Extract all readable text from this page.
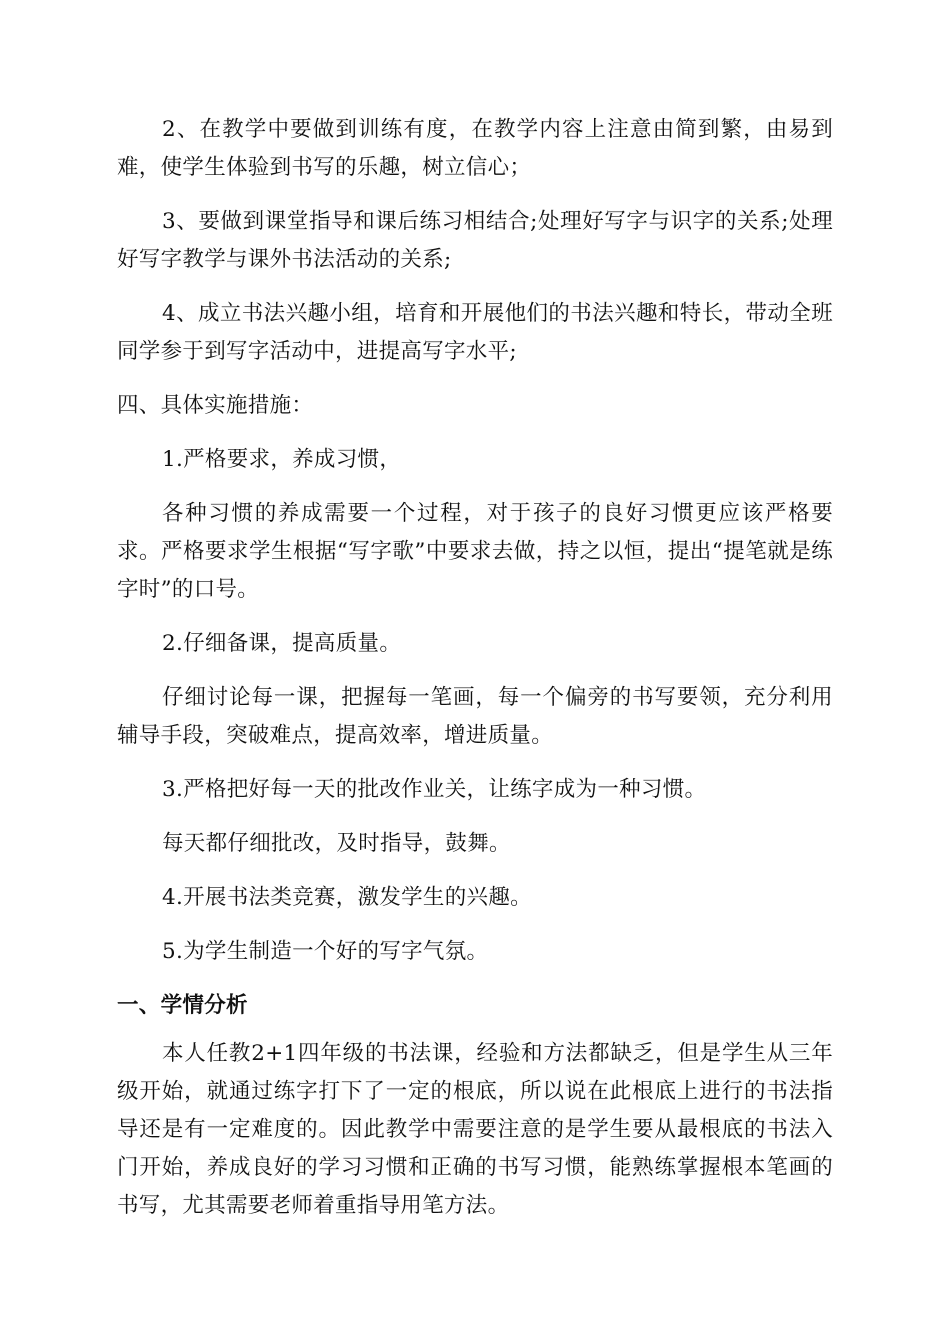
2、在教学中要做到训练有度，在教学内容上注意由简到繁，由易到难，使学生体验到书写的乐趣，树立信心；

3、要做到课堂指导和课后练习相结合;处理好写字与识字的关系;处理好写字教学与课外书法活动的关系;

4、成立书法兴趣小组，培育和开展他们的书法兴趣和特长，带动全班同学参于到写字活动中，进提高写字水平;

四、具体实施措施：

1.严格要求，养成习惯，

各种习惯的养成需要一个过程，对于孩子的良好习惯更应该严格要求。严格要求学生根据“写字歌”中要求去做，持之以恒，提出“提笔就是练字时”的口号。

2.仔细备课，提高质量。

仔细讨论每一课，把握每一笔画，每一个偏旁的书写要领，充分利用辅导手段，突破难点，提高效率，增进质量。

3.严格把好每一天的批改作业关，让练字成为一种习惯。

每天都仔细批改，及时指导，鼓舞。

4.开展书法类竞赛，激发学生的兴趣。

5.为学生制造一个好的写字气氛。

一、学情分析

本人任教2+1四年级的书法课，经验和方法都缺乏，但是学生从三年级开始，就通过练字打下了一定的根底，所以说在此根底上进行的书法指导还是有一定难度的。因此教学中需要注意的是学生要从最根底的书法入门开始，养成良好的学习习惯和正确的书写习惯，能熟练掌握根本笔画的书写，尤其需要老师着重指导用笔方法。
